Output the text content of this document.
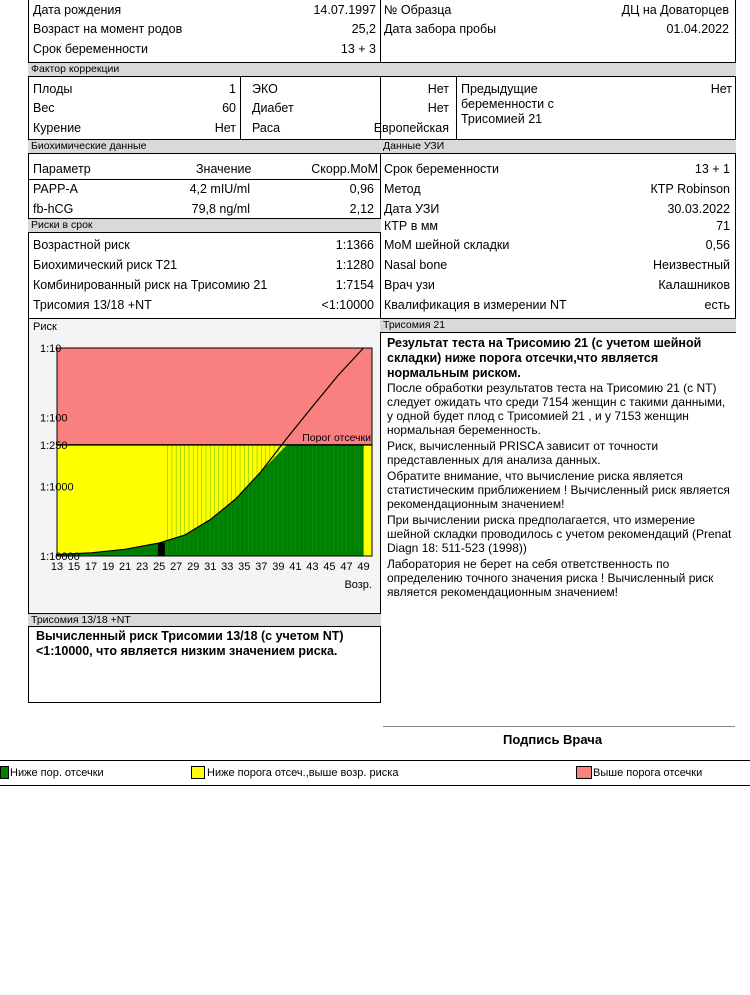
Дата рождения	14.07.1997
Возраст на момент родов	25,2
Срок беременности	13 + 3
№ Образца	ДЦ на Доваторцев
Дата забора пробы	01.04.2022
Фактор коррекции
Плоды	1
Вес	60
Курение	Нет
ЭКО	Нет
Диабет	Нет
Раса	Европейская
Предыдущие
беременности с
Трисомией 21
Нет
Биохимические данные	Данные УЗИ
Параметр	Значение	Скорр.MoM
PAPP-A	4,2 mIU/ml	0,96
fb-hCG	79,8 ng/ml	2,12
Риски в срок
Возрастной риск	1:1366
Биохимический риск Т21	1:1280
Комбинированный риск на Трисомию 21	1:7154
Трисомия 13/18 +NT	<1:10000
Срок беременности	13 + 1
Метод	КТР Robinson
Дата УЗИ	30.03.2022
КТР в мм	71
MoM шейной складки	0,56
Nasal bone	Неизвестный
Врач узи	Калашников
Квалификация в измерении NT	есть
Риск
1:10
1:100
1:250
1:1000
1:10000
13 15 17 19 21 23 25 27 29 31 33 35 37 39 41 43 45 47 49
Возр.
Порог отсечки
Трисомия 21
Результат теста на Трисомию 21 (с учетом шейной складки) ниже порога отсечки,что является нормальным риском.
После обработки результатов теста на Трисомию 21 (с NT) следует ожидать что среди 7154 женщин с такими данными, у одной будет плод с Трисомией 21 , и у 7153 женщин нормальная беременность.
Риск, вычисленный PRISCA зависит от точности представленных для анализа данных.
Обратите внимание, что вычисление риска является статистическим приближением ! Вычисленный риск является рекомендационным значением!
При вычислении риска предполагается, что измерение шейной складки проводилось с учетом рекомендаций (Prenat Diagn 18: 511-523 (1998))
Лаборатория не берет на себя ответственность по определению точного значения риска ! Вычисленный риск является рекомендационным значением!
Трисомия 13/18 +NT
Вычисленный риск Трисомии 13/18 (с учетом NT) <1:10000, что является низким значением риска.
Подпись Врача
Ниже пор. отсечки	Ниже порога отсеч.,выше возр. риска	Выше порога отсечки
